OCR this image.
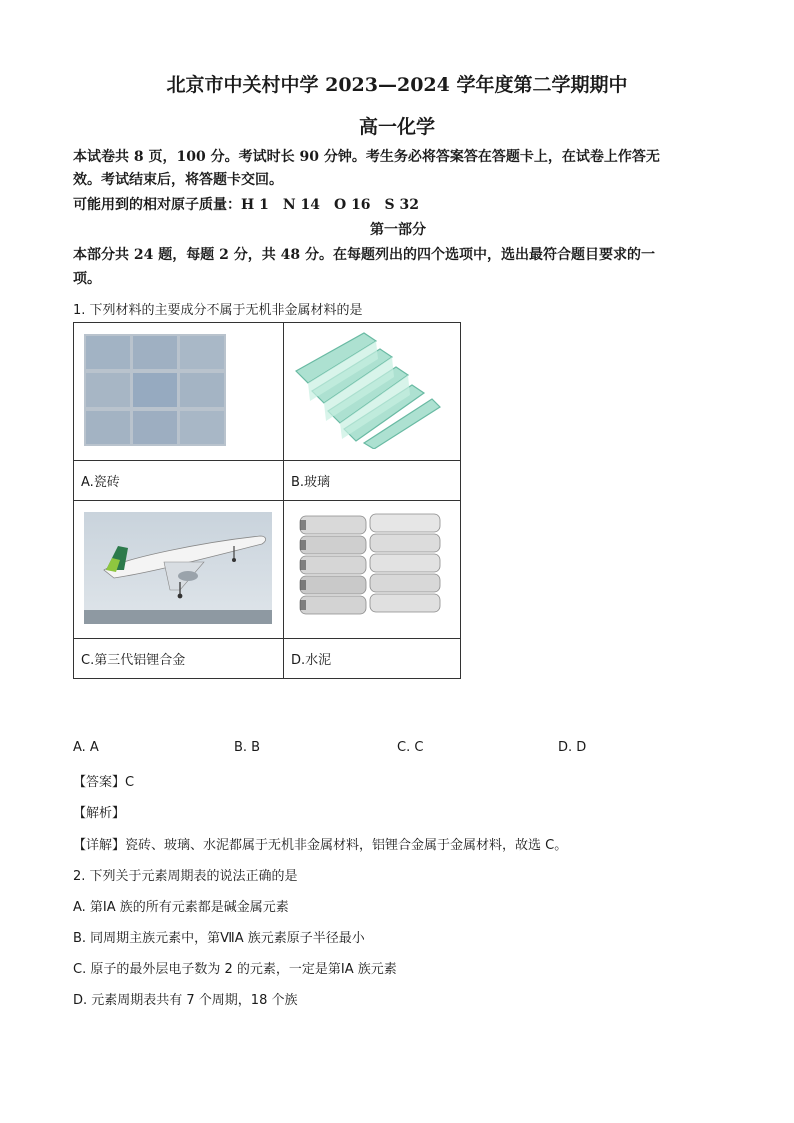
北京市中关村中学 2023—2024 学年度第二学期期中
高一化学
本试卷共 8 页，100 分。考试时长 90 分钟。考生务必将答案答在答题卡上，在试卷上作答无
效。考试结束后，将答题卡交回。
可能用到的相对原子质量：H 1　N 14　O 16　S 32
第一部分
本部分共 24 题，每题 2 分，共 48 分。在每题列出的四个选项中，选出最符合题目要求的一
项。
1. 下列材料的主要成分不属于无机非金属材料的是

A.瓷砖	B.玻璃

C.第三代铝锂合金	D.水泥
A. A	B. B	C. C	D. D
【答案】C
【解析】
【详解】瓷砖、玻璃、水泥都属于无机非金属材料，铝锂合金属于金属材料，故选 C。
2. 下列关于元素周期表的说法正确的是
A. 第ⅠA 族的所有元素都是碱金属元素
B. 同周期主族元素中，第ⅦA 族元素原子半径最小
C. 原子的最外层电子数为 2 的元素，一定是第ⅠA 族元素
D. 元素周期表共有 7 个周期，18 个族
